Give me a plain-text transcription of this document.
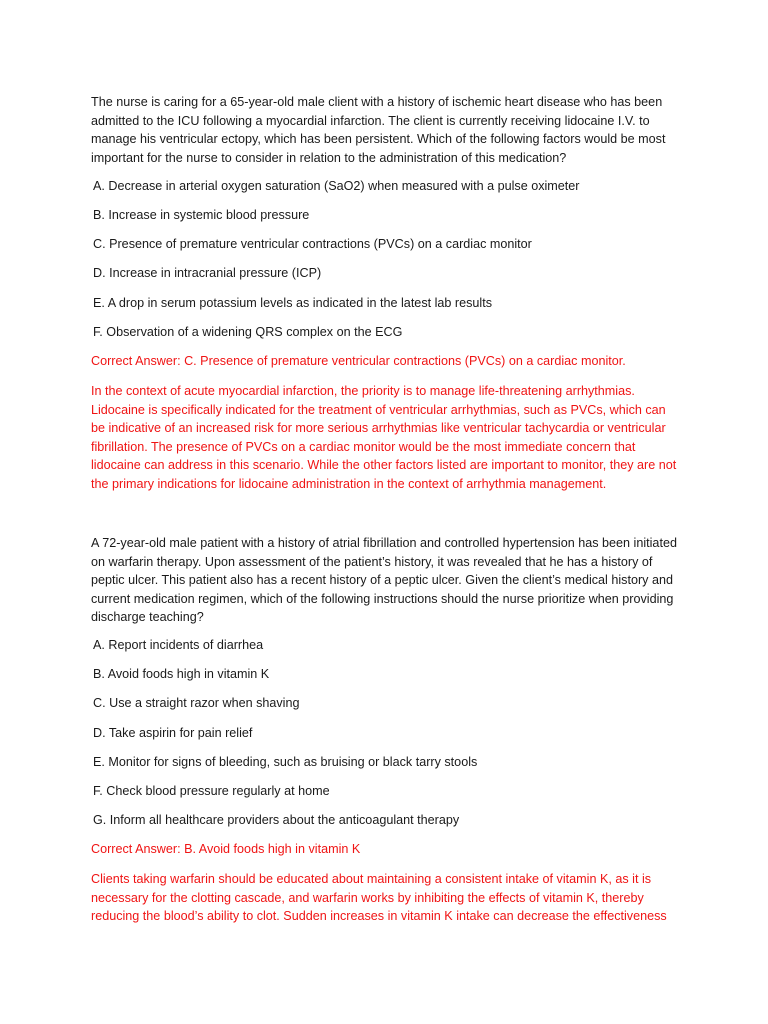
The nurse is caring for a 65-year-old male client with a history of ischemic heart disease who has been admitted to the ICU following a myocardial infarction. The client is currently receiving lidocaine I.V. to manage his ventricular ectopy, which has been persistent. Which of the following factors would be most important for the nurse to consider in relation to the administration of this medication?

A. Decrease in arterial oxygen saturation (SaO2) when measured with a pulse oximeter

B. Increase in systemic blood pressure

C. Presence of premature ventricular contractions (PVCs) on a cardiac monitor

D. Increase in intracranial pressure (ICP)

E. A drop in serum potassium levels as indicated in the latest lab results

F. Observation of a widening QRS complex on the ECG

Correct Answer: C. Presence of premature ventricular contractions (PVCs) on a cardiac monitor.

In the context of acute myocardial infarction, the priority is to manage life-threatening arrhythmias. Lidocaine is specifically indicated for the treatment of ventricular arrhythmias, such as PVCs, which can be indicative of an increased risk for more serious arrhythmias like ventricular tachycardia or ventricular fibrillation. The presence of PVCs on a cardiac monitor would be the most immediate concern that lidocaine can address in this scenario. While the other factors listed are important to monitor, they are not the primary indications for lidocaine administration in the context of arrhythmia management.

A 72-year-old male patient with a history of atrial fibrillation and controlled hypertension has been initiated on warfarin therapy. Upon assessment of the patient’s history, it was revealed that he has a history of peptic ulcer. This patient also has a recent history of a peptic ulcer. Given the client’s medical history and current medication regimen, which of the following instructions should the nurse prioritize when providing discharge teaching?

A. Report incidents of diarrhea

B. Avoid foods high in vitamin K

C. Use a straight razor when shaving

D. Take aspirin for pain relief

E. Monitor for signs of bleeding, such as bruising or black tarry stools

F. Check blood pressure regularly at home

G. Inform all healthcare providers about the anticoagulant therapy

Correct Answer: B. Avoid foods high in vitamin K

Clients taking warfarin should be educated about maintaining a consistent intake of vitamin K, as it is necessary for the clotting cascade, and warfarin works by inhibiting the effects of vitamin K, thereby reducing the blood’s ability to clot. Sudden increases in vitamin K intake can decrease the effectiveness
